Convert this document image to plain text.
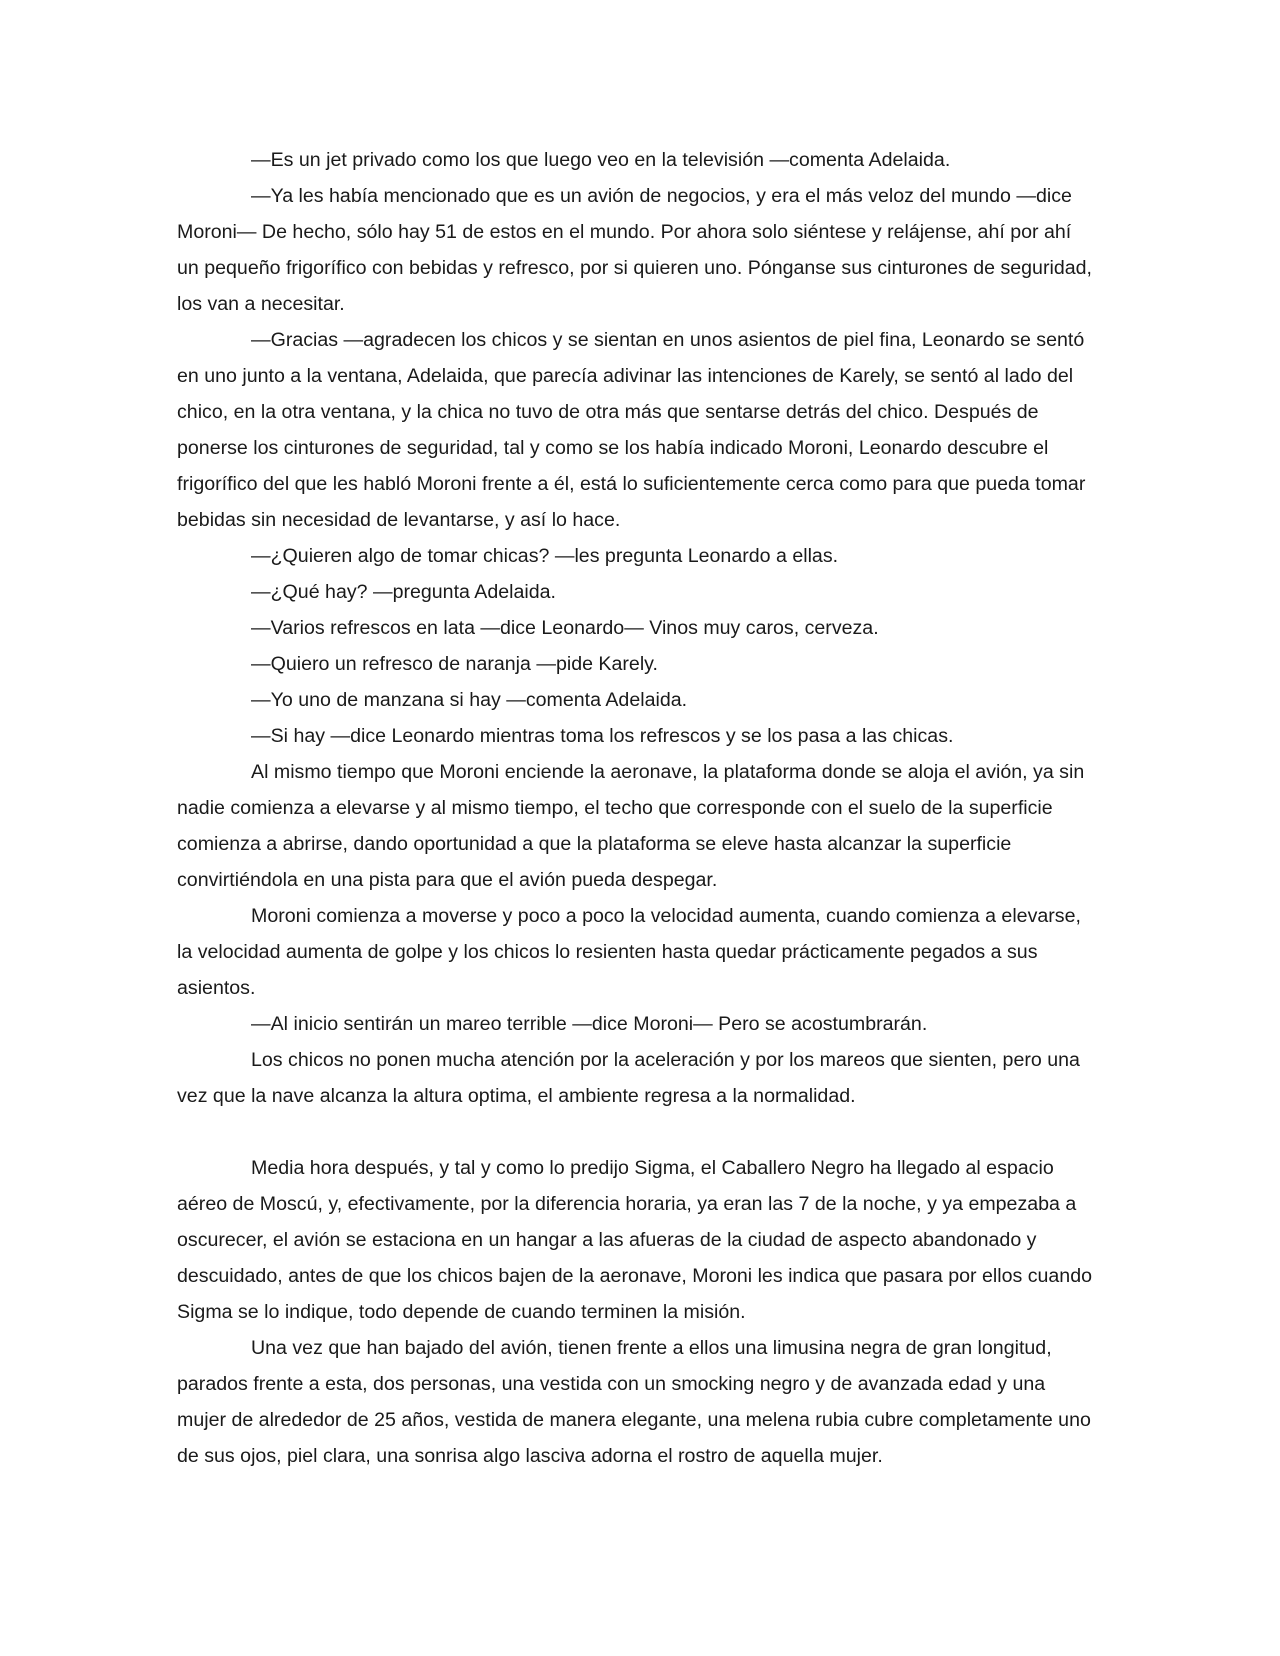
—Es un jet privado como los que luego veo en la televisión —comenta Adelaida.

—Ya les había mencionado que es un avión de negocios, y era el más veloz del mundo —dice Moroni— De hecho, sólo hay 51 de estos en el mundo. Por ahora solo siéntese y relájense, ahí por ahí un pequeño frigorífico con bebidas y refresco, por si quieren uno. Pónganse sus cinturones de seguridad, los van a necesitar.

—Gracias —agradecen los chicos y se sientan en unos asientos de piel fina, Leonardo se sentó en uno junto a la ventana, Adelaida, que parecía adivinar las intenciones de Karely, se sentó al lado del chico, en la otra ventana, y la chica no tuvo de otra más que sentarse detrás del chico. Después de ponerse los cinturones de seguridad, tal y como se los había indicado Moroni, Leonardo descubre el frigorífico del que les habló Moroni frente a él, está lo suficientemente cerca como para que pueda tomar bebidas sin necesidad de levantarse, y así lo hace.

—¿Quieren algo de tomar chicas? —les pregunta Leonardo a ellas.

—¿Qué hay? —pregunta Adelaida.

—Varios refrescos en lata —dice Leonardo— Vinos muy caros, cerveza.

—Quiero un refresco de naranja —pide Karely.

—Yo uno de manzana si hay —comenta Adelaida.

—Si hay —dice Leonardo mientras toma los refrescos y se los pasa a las chicas.

Al mismo tiempo que Moroni enciende la aeronave, la plataforma donde se aloja el avión, ya sin nadie comienza a elevarse y al mismo tiempo, el techo que corresponde con el suelo de la superficie comienza a abrirse, dando oportunidad a que la plataforma se eleve hasta alcanzar la superficie convirtiéndola en una pista para que el avión pueda despegar.

Moroni comienza a moverse y poco a poco la velocidad aumenta, cuando comienza a elevarse, la velocidad aumenta de golpe y los chicos lo resienten hasta quedar prácticamente pegados a sus asientos.

—Al inicio sentirán un mareo terrible —dice Moroni— Pero se acostumbrarán.

Los chicos no ponen mucha atención por la aceleración y por los mareos que sienten, pero una vez que la nave alcanza la altura optima, el ambiente regresa a la normalidad.

Media hora después, y tal y como lo predijo Sigma, el Caballero Negro ha llegado al espacio aéreo de Moscú, y, efectivamente, por la diferencia horaria, ya eran las 7 de la noche, y ya empezaba a oscurecer, el avión se estaciona en un hangar a las afueras de la ciudad de aspecto abandonado y descuidado, antes de que los chicos bajen de la aeronave, Moroni les indica que pasara por ellos cuando Sigma se lo indique, todo depende de cuando terminen la misión.

Una vez que han bajado del avión, tienen frente a ellos una limusina negra de gran longitud, parados frente a esta, dos personas, una vestida con un smocking negro y de avanzada edad y una mujer de alrededor de 25 años, vestida de manera elegante, una melena rubia cubre completamente uno de sus ojos, piel clara, una sonrisa algo lasciva adorna el rostro de aquella mujer.
